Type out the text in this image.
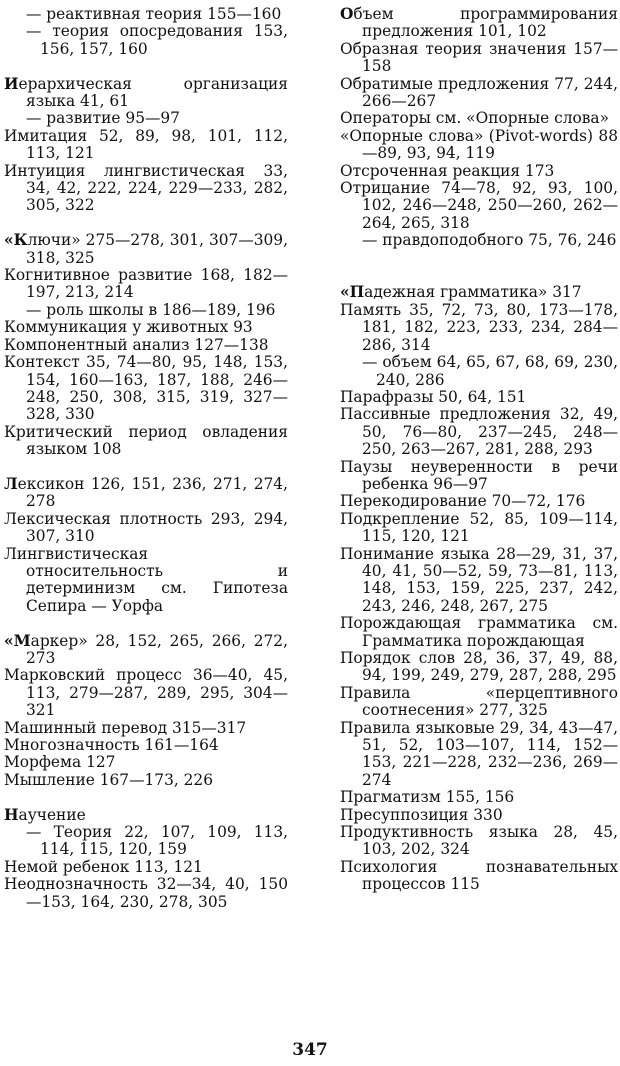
— реактивная теория 155—160

— теория опосредования 153, 156, 157, 160

Иерархическая организация языка 41, 61

— развитие 95—97

Имитация 52, 89, 98, 101, 112, 113, 121

Интуиция лингвистическая 33, 34, 42, 222, 224, 229—233, 282, 305, 322

«Ключи» 275—278, 301, 307—309, 318, 325

Когнитивное развитие 168, 182—197, 213, 214

— роль школы в 186—189, 196

Коммуникация у животных 93

Компонентный анализ 127—138

Контекст 35, 74—80, 95, 148, 153, 154, 160—163, 187, 188, 246—248, 250, 308, 315, 319, 327—328, 330

Критический период овладения языком 108

Лексикон 126, 151, 236, 271, 274, 278

Лексическая плотность 293, 294, 307, 310

Лингвистическая относительность и детерминизм см. Гипотеза Сепира — Уорфа

«Маркер» 28, 152, 265, 266, 272, 273

Марковский процесс 36—40, 45, 113, 279—287, 289, 295, 304—321

Машинный перевод 315—317

Многозначность 161—164

Морфема 127

Мышление 167—173, 226

Научение

— Теория 22, 107, 109, 113, 114, 115, 120, 159

Немой ребенок 113, 121

Неоднозначность 32—34, 40, 150—153, 164, 230, 278, 305

Объем программирования предложения 101, 102

Образная теория значения 157—158

Обратимые предложения 77, 244, 266—267

Операторы см. «Опорные слова»

«Опорные слова» (Pivot-words) 88—89, 93, 94, 119

Отсроченная реакция 173

Отрицание 74—78, 92, 93, 100, 102, 246—248, 250—260, 262—264, 265, 318

— правдоподобного 75, 76, 246

«Падежная грамматика» 317

Память 35, 72, 73, 80, 173—178, 181, 182, 223, 233, 234, 284—286, 314

— объем 64, 65, 67, 68, 69, 230, 240, 286

Парафразы 50, 64, 151

Пассивные предложения 32, 49, 50, 76—80, 237—245, 248—250, 263—267, 281, 288, 293

Паузы неуверенности в речи ребенка 96—97

Перекодирование 70—72, 176

Подкрепление 52, 85, 109—114, 115, 120, 121

Понимание языка 28—29, 31, 37, 40, 41, 50—52, 59, 73—81, 113, 148, 153, 159, 225, 237, 242, 243, 246, 248, 267, 275

Порождающая грамматика см. Грамматика порождающая

Порядок слов 28, 36, 37, 49, 88, 94, 199, 249, 279, 287, 288, 295

Правила «перцептивного соотнесения» 277, 325

Правила языковые 29, 34, 43—47, 51, 52, 103—107, 114, 152—153, 221—228, 232—236, 269—274

Прагматизм 155, 156

Пресуппозиция 330

Продуктивность языка 28, 45, 103, 202, 324

Психология познавательных процессов 115

347
